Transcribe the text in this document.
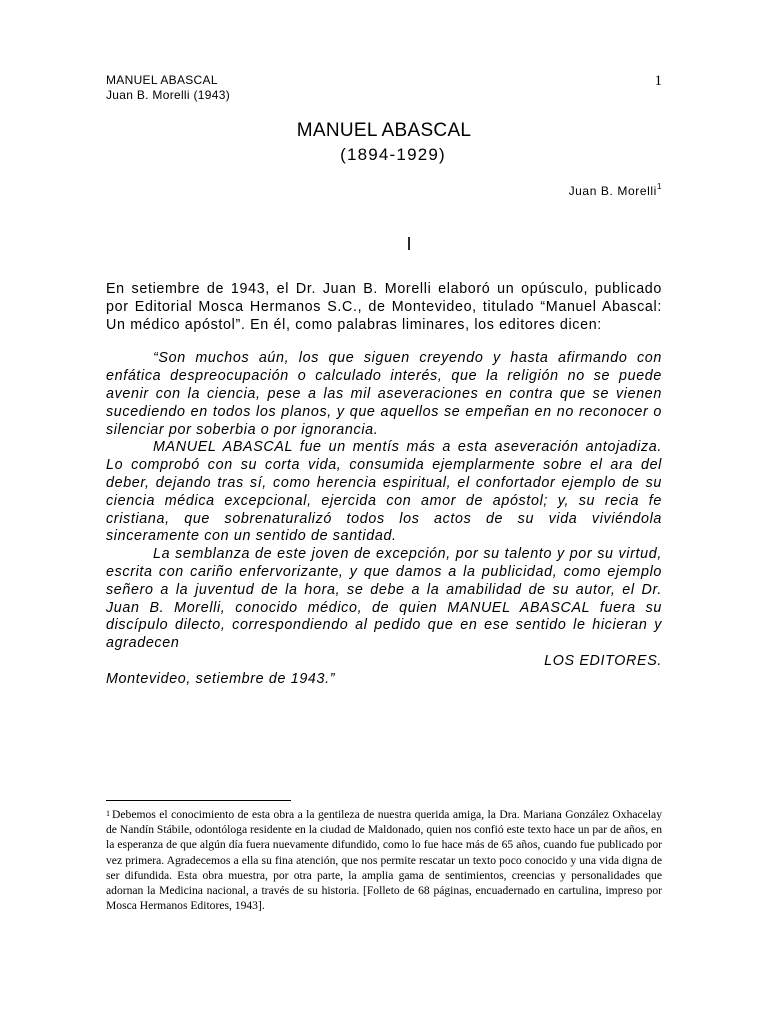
MANUEL ABASCAL
Juan B. Morelli (1943)
1
MANUEL ABASCAL
(1894-1929)
Juan B. Morelli$^1$
I

En setiembre de 1943, el Dr. Juan B. Morelli elaboró un opúsculo, publicado por Editorial Mosca Hermanos S.C., de Montevideo, titulado “Manuel Abascal: Un médico apóstol”. En él, como palabras liminares, los editores dicen:

“Son muchos aún, los que siguen creyendo y hasta afirmando con enfática despreocupación o calculado interés, que la religión no se puede avenir con la ciencia, pese a las mil aseveraciones en contra que se vienen sucediendo en todos los planos, y que aquellos se empeñan en no reconocer o silenciar por soberbia o por ignorancia.

MANUEL ABASCAL fue un mentís más a esta aseveración antojadiza. Lo comprobó con su corta vida, consumida ejemplarmente sobre el ara del deber, dejando tras sí, como herencia espiritual, el confortador ejemplo de su ciencia médica excepcional, ejercida con amor de apóstol; y, su recia fe cristiana, que sobrenaturalizó todos los actos de su vida viviéndola sinceramente con un sentido de santidad.

La semblanza de este joven de excepción, por su talento y por su virtud, escrita con cariño enfervorizante, y que damos a la publicidad, como ejemplo señero a la juventud de la hora, se debe a la amabilidad de su autor, el Dr. Juan B. Morelli, conocido médico, de quien MANUEL ABASCAL fuera su discípulo dilecto, correspondiendo al pedido que en ese sentido le hicieran y agradecen

LOS EDITORES.

Montevideo, setiembre de 1943.”

$^1$ Debemos el conocimiento de esta obra a la gentileza de nuestra querida amiga, la Dra. Mariana González Oxhacelay de Nandín Stábile, odontóloga residente en la ciudad de Maldonado, quien nos confió este texto hace un par de años, en la esperanza de que algún día fuera nuevamente difundido, como lo fue hace más de 65 años, cuando fue publicado por vez primera. Agradecemos a ella su fina atención, que nos permite rescatar un texto poco conocido y una vida digna de ser difundida. Esta obra muestra, por otra parte, la amplia gama de sentimientos, creencias y personalidades que adornan la Medicina nacional, a través de su historia. [Folleto de 68 páginas, encuadernado en cartulina, impreso por Mosca Hermanos Editores, 1943].
